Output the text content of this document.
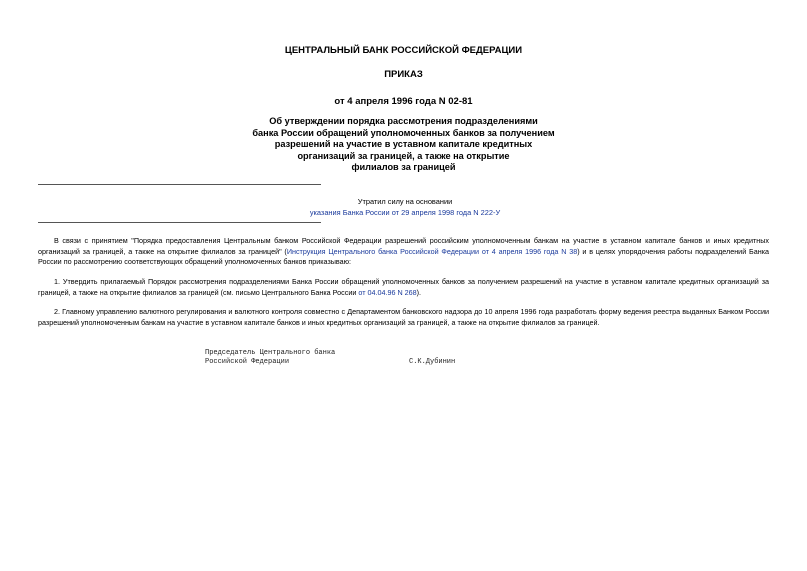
ЦЕНТРАЛЬНЫЙ БАНК РОССИЙСКОЙ ФЕДЕРАЦИИ
ПРИКАЗ
от 4 апреля 1996 года N 02-81
Об утверждении порядка рассмотрения подразделениями
банка России обращений уполномоченных банков за получением
разрешений на участие в уставном капитале кредитных
организаций за границей, а также на открытие
филиалов за границей
Утратил силу на основании
указания Банка России от 29 апреля 1998 года N 222-У

В связи с принятием "Порядка предоставления Центральным банком Российской Федерации разрешений российским уполномоченным банкам на участие в уставном капитале банков и иных кредитных организаций за границей, а также на открытие филиалов за границей" (Инструкция Центрального банка Российской Федерации от 4 апреля 1996 года N 38) и в целях упорядочения работы подразделений Банка России по рассмотрению соответствующих обращений уполномоченных банков приказываю:

1. Утвердить прилагаемый Порядок рассмотрения подразделениями Банка России обращений уполномоченных банков за получением разрешений на участие в уставном капитале кредитных организаций за границей, а также на открытие филиалов за границей (см. письмо Центрального Банка России от 04.04.96 N 268).

2. Главному управлению валютного регулирования и валютного контроля совместно с Департаментом банковского надзора до 10 апреля 1996 года разработать форму ведения реестра выданных Банком России разрешений уполномоченным банкам на участие в уставном капитале банков и иных кредитных организаций за границей, а также на открытие филиалов за границей.

Председатель Центрального банка
Российской Федерации	С.К.Дубинин
